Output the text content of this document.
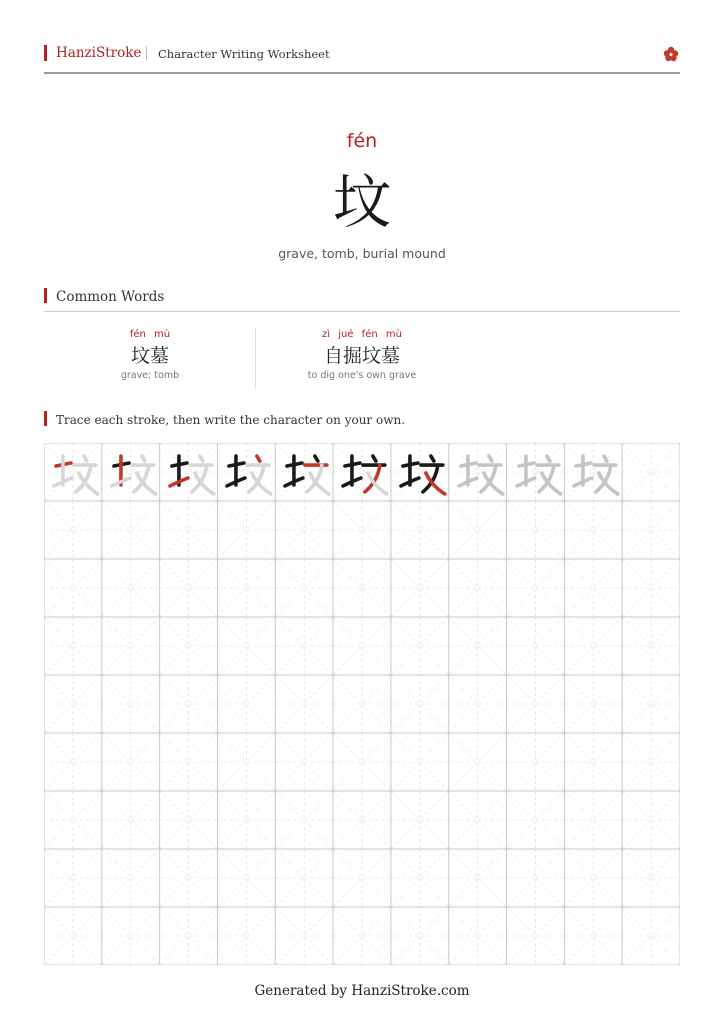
HanziStroke Character Writing Worksheet
fén
坟
grave, tomb, burial mound
Common Words
fén mù
坟墓
grave; tomb
zì jué fén mù
自掘坟墓
to dig one's own grave
Trace each stroke, then write the character on your own.
Generated by HanziStroke.com
